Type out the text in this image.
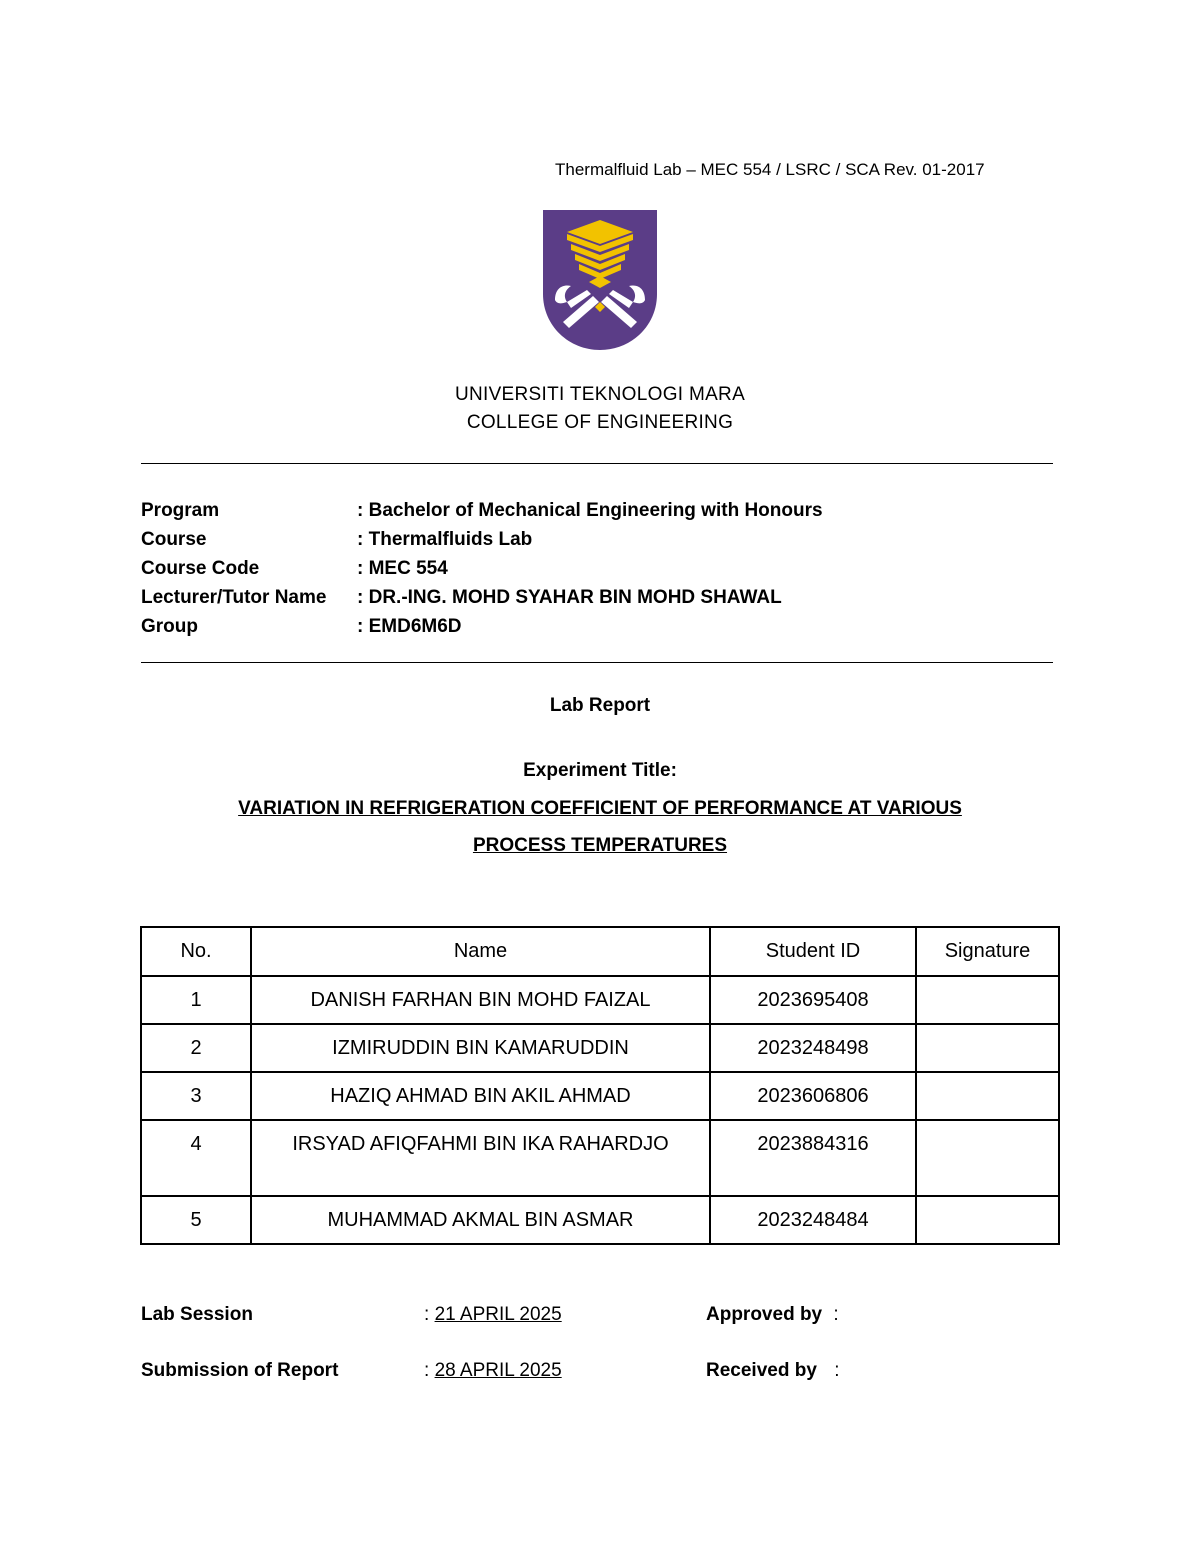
Thermalfluid Lab – MEC 554 / LSRC / SCA Rev. 01-2017
UNIVERSITI TEKNOLOGI MARA
COLLEGE OF ENGINEERING
Program	: Bachelor of Mechanical Engineering with Honours
Course	: Thermalfluids Lab
Course Code	: MEC 554
Lecturer/Tutor Name	: DR.-ING. MOHD SYAHAR BIN MOHD SHAWAL
Group	: EMD6M6D
Lab Report
Experiment Title:
VARIATION IN REFRIGERATION COEFFICIENT OF PERFORMANCE AT VARIOUS
PROCESS TEMPERATURES
No.	Name	Student ID	Signature
1	DANISH FARHAN BIN MOHD FAIZAL	2023695408	
2	IZMIRUDDIN BIN KAMARUDDIN	2023248498	
3	HAZIQ AHMAD BIN AKIL AHMAD	2023606806	
4	IRSYAD AFIQFAHMI BIN IKA RAHARDJO	2023884316	
5	MUHAMMAD AKMAL BIN ASMAR	2023248484	
Lab Session	: 21 APRIL 2025	Approved by :
Submission of Report	: 28 APRIL 2025	Received by :
